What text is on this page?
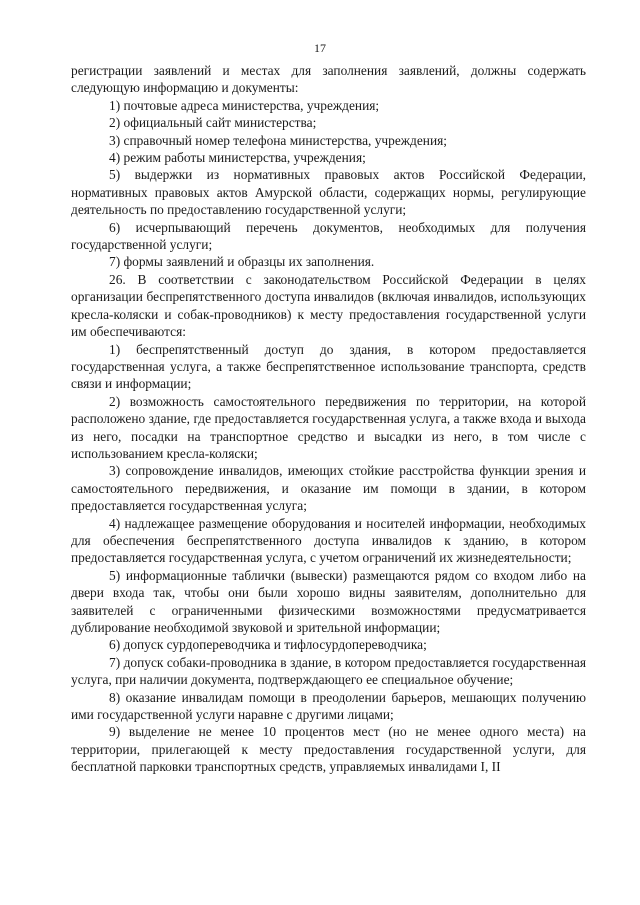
17

регистрации заявлений и местах для заполнения заявлений, должны содержать следующую информацию и документы:

1) почтовые адреса министерства, учреждения;

2) официальный сайт министерства;

3) справочный номер телефона министерства, учреждения;

4) режим работы министерства, учреждения;

5) выдержки из нормативных правовых актов Российской Федерации, нормативных правовых актов Амурской области, содержащих нормы, регулирующие деятельность по предоставлению государственной услуги;

6) исчерпывающий перечень документов, необходимых для получения государственной услуги;

7) формы заявлений и образцы их заполнения.

26. В соответствии с законодательством Российской Федерации в целях организации беспрепятственного доступа инвалидов (включая инвалидов, использующих кресла-коляски и собак-проводников) к месту предоставления государственной услуги им обеспечиваются:

1) беспрепятственный доступ до здания, в котором предоставляется государственная услуга, а также беспрепятственное использование транспорта, средств связи и информации;

2) возможность самостоятельного передвижения по территории, на которой расположено здание, где предоставляется государственная услуга, а также входа и выхода из него, посадки на транспортное средство и высадки из него, в том числе с использованием кресла-коляски;

3) сопровождение инвалидов, имеющих стойкие расстройства функции зрения и самостоятельного передвижения, и оказание им помощи в здании, в котором предоставляется государственная услуга;

4) надлежащее размещение оборудования и носителей информации, необходимых для обеспечения беспрепятственного доступа инвалидов к зданию, в котором предоставляется государственная услуга, с учетом ограничений их жизнедеятельности;

5) информационные таблички (вывески) размещаются рядом со входом либо на двери входа так, чтобы они были хорошо видны заявителям, дополнительно для заявителей с ограниченными физическими возможностями предусматривается дублирование необходимой звуковой и зрительной информации;

6) допуск сурдопереводчика и тифлосурдопереводчика;

7) допуск собаки-проводника в здание, в котором предоставляется государственная услуга, при наличии документа, подтверждающего ее специальное обучение;

8) оказание инвалидам помощи в преодолении барьеров, мешающих получению ими государственной услуги наравне с другими лицами;

9) выделение не менее 10 процентов мест (но не менее одного места) на территории, прилегающей к месту предоставления государственной услуги, для бесплатной парковки транспортных средств, управляемых инвалидами I, II
